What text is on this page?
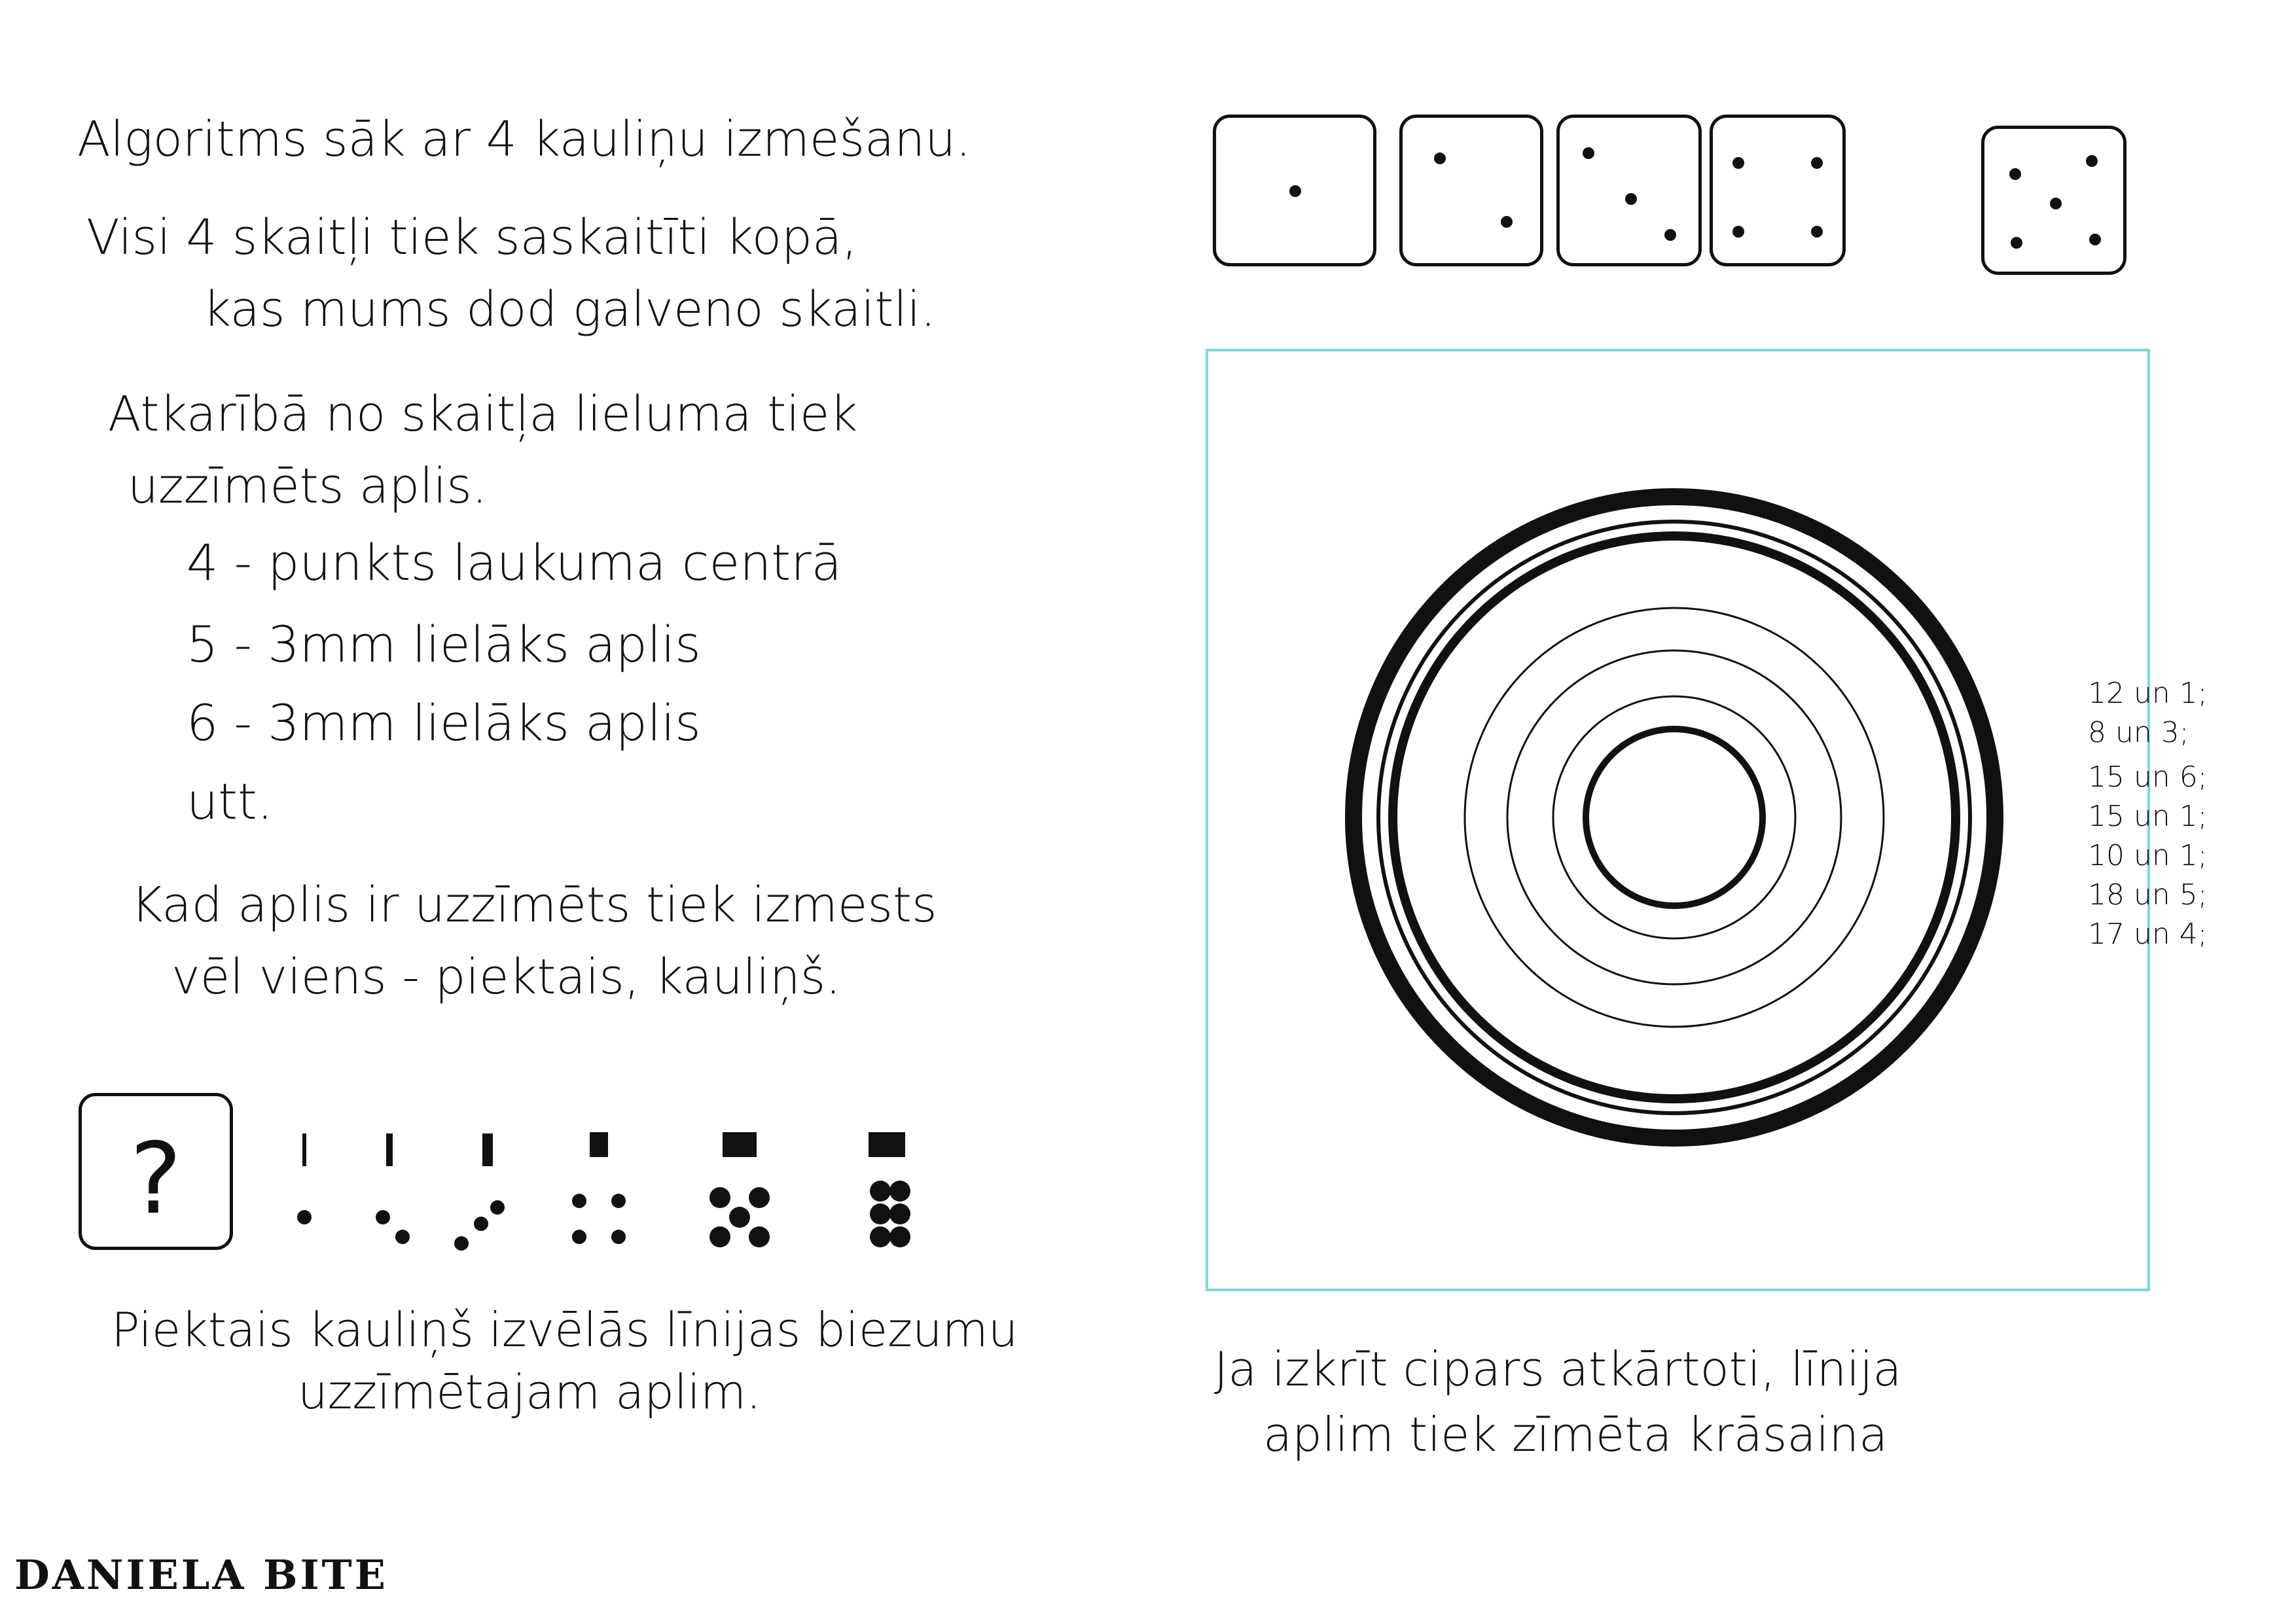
Algoritms sāk ar 4 kauliņu izmešanu.
Visi 4 skaitļi tiek saskaitīti kopā,
kas mums dod galveno skaitli.
Atkarībā no skaitļa lieluma tiek
uzzīmēts aplis.
4 - punkts laukuma centrā
5 - 3mm lielāks aplis
6 - 3mm lielāks aplis
utt.
Kad aplis ir uzzīmēts tiek izmests
vēl viens - piektais, kauliņš.
?
Piektais kauliņš izvēlās līnijas biezumu
uzzīmētajam aplim.
DANIELA BITE
12 un 1;
8 un 3;
15 un 6;
15 un 1;
10 un 1;
18 un 5;
17 un 4;
Ja izkrīt cipars atkārtoti, līnija
aplim tiek zīmēta krāsaina
